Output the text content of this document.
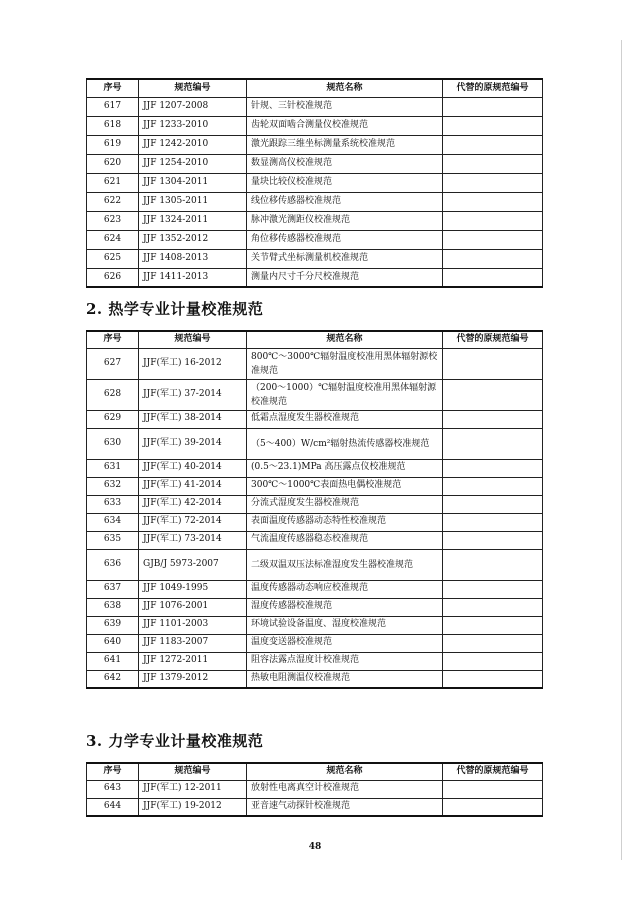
序号	规范编号	规范名称	代替的原规范编号
617	JJF 1207-2008	针规、三针校准规范	
618	JJF 1233-2010	齿轮双面啮合测量仪校准规范	
619	JJF 1242-2010	激光跟踪三维坐标测量系统校准规范	
620	JJF 1254-2010	数显测高仪校准规范	
621	JJF 1304-2011	量块比较仪校准规范	
622	JJF 1305-2011	线位移传感器校准规范	
623	JJF 1324-2011	脉冲激光测距仪校准规范	
624	JJF 1352-2012	角位移传感器校准规范	
625	JJF 1408-2013	关节臂式坐标测量机校准规范	
626	JJF 1411-2013	测量内尺寸千分尺校准规范	
2. 热学专业计量校准规范
序号	规范编号	规范名称	代替的原规范编号
627	JJF(军工) 16-2012	800℃～3000℃辐射温度校准用黑体辐射源校准规范	
628	JJF(军工) 37-2014	（200～1000）℃辐射温度校准用黑体辐射源校准规范	
629	JJF(军工) 38-2014	低霜点湿度发生器校准规范	
630	JJF(军工) 39-2014	（5～400）W/cm²辐射热流传感器校准规范	
631	JJF(军工) 40-2014	(0.5～23.1)MPa 高压露点仪校准规范	
632	JJF(军工) 41-2014	300℃～1000℃表面热电偶校准规范	
633	JJF(军工) 42-2014	分流式湿度发生器校准规范	
634	JJF(军工) 72-2014	表面温度传感器动态特性校准规范	
635	JJF(军工) 73-2014	气流温度传感器稳态校准规范	
636	GJB/J 5973-2007	二级双温双压法标准湿度发生器校准规范	
637	JJF 1049-1995	温度传感器动态响应校准规范	
638	JJF 1076-2001	湿度传感器校准规范	
639	JJF 1101-2003	环境试验设备温度、湿度校准规范	
640	JJF 1183-2007	温度变送器校准规范	
641	JJF 1272-2011	阻容法露点湿度计校准规范	
642	JJF 1379-2012	热敏电阻测温仪校准规范	
3. 力学专业计量校准规范
序号	规范编号	规范名称	代替的原规范编号
643	JJF(军工) 12-2011	放射性电离真空计校准规范	
644	JJF(军工) 19-2012	亚音速气动探针校准规范	
48
